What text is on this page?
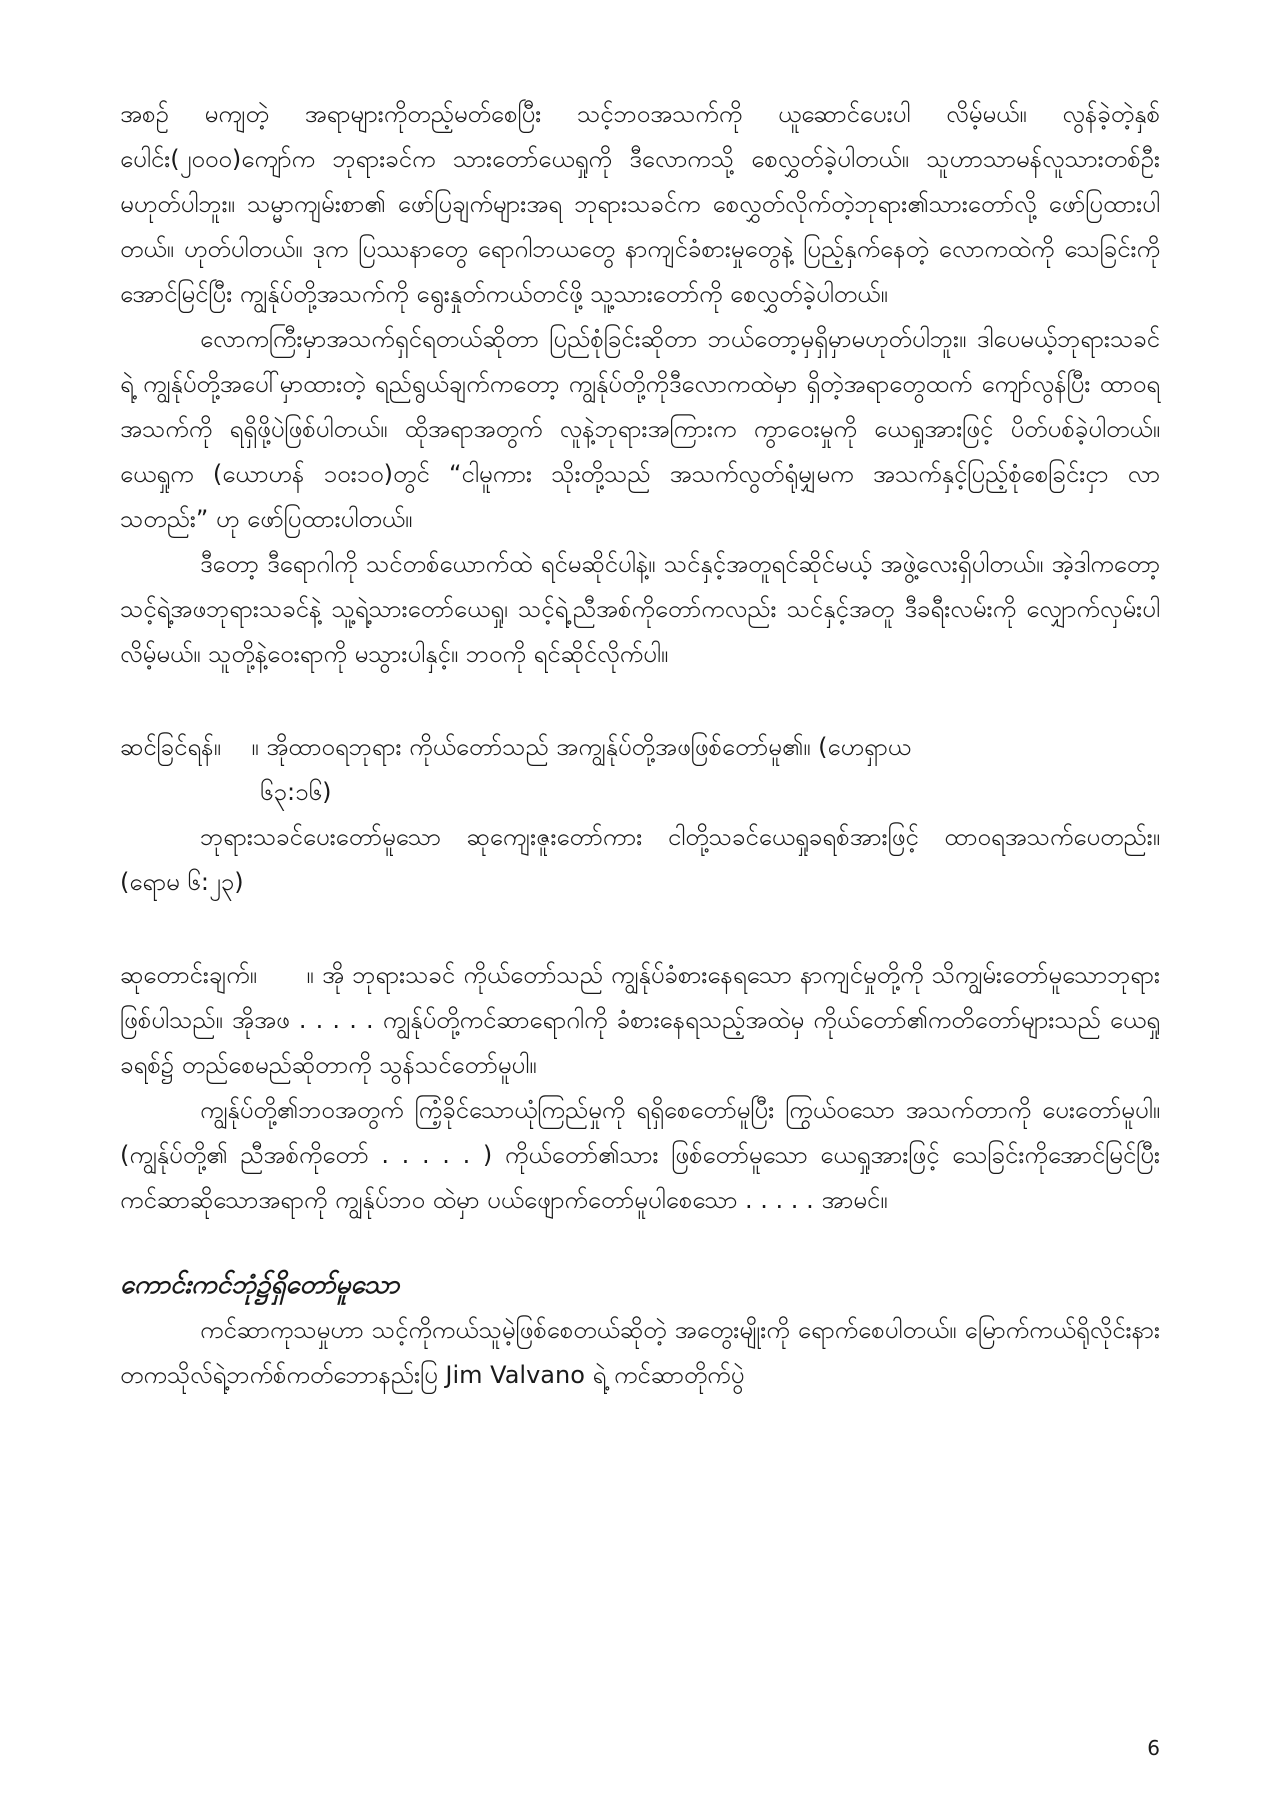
အစဉ် မကျတဲ့ အရာများကိုတည့်မတ်စေပြီး သင့်ဘဝအသက်ကို ယူဆောင်ပေးပါ လိမ့်မယ်။ လွန်ခဲ့တဲ့နှစ်ပေါင်း(၂၀၀၀)ကျော်က ဘုရားခင်က သားတော်ယေရှုကို ဒီလောကသို့ စေလွှတ်ခဲ့ပါတယ်။ သူဟာသာမန်လူသားတစ်ဦးမဟုတ်ပါဘူး။ သမ္မာကျမ်းစာ၏ ဖော်ပြချက်များအရ ဘုရားသခင်က စေလွှတ်လိုက်တဲ့ဘုရား၏သားတော်လို့ ဖော်ပြထားပါတယ်။ ဟုတ်ပါတယ်။ ဒုက ပြဿနာတွေ ရောဂါဘယတွေ နာကျင်ခံစားမှုတွေနဲ့ ပြည့်နှက်နေတဲ့ လောကထဲကို သေခြင်းကိုအောင်မြင်ပြီး ကျွန်ုပ်တို့အသက်ကို ရွေးနှုတ်ကယ်တင်ဖို့ သူ့သားတော်ကို စေလွှတ်ခဲ့ပါတယ်။

လောကကြီးမှာအသက်ရှင်ရတယ်ဆိုတာ ပြည်စုံခြင်းဆိုတာ ဘယ်တော့မှရှိမှာမဟုတ်ပါဘူး။ ဒါပေမယ့်ဘုရားသခင်ရဲ့ ကျွန်ုပ်တို့အပေါ်မှာထားတဲ့ ရည်ရွယ်ချက်ကတော့ ကျွန်ုပ်တို့ကိုဒီလောကထဲမှာ ရှိတဲ့အရာတွေထက် ကျော်လွန်ပြီး ထာဝရအသက်ကို ရရှိဖို့ပဲဖြစ်ပါတယ်။ ထိုအရာအတွက် လူနဲ့ဘုရားအကြားက ကွာဝေးမှုကို ယေရှုအားဖြင့် ပိတ်ပစ်ခဲ့ပါတယ်။ ယေရှုက (ယောဟန် ၁၀း၁၀)တွင် “ငါမူကား သိုးတို့သည် အသက်လွတ်ရုံမျှမက အသက်နှင့်ပြည့်စုံစေခြင်းငှာ လာသတည်း” ဟု ဖော်ပြထားပါတယ်။

ဒီတော့ ဒီရောဂါကို သင်တစ်ယောက်ထဲ ရင်မဆိုင်ပါနဲ့။ သင်နှင့်အတူရင်ဆိုင်မယ့် အဖွဲ့လေးရှိပါတယ်။ အဲ့ဒါကတော့ သင့်ရဲ့အဖဘုရားသခင်နဲ့ သူ့ရဲ့သားတော်ယေရှု၊ သင့်ရဲ့ညီအစ်ကိုတော်ကလည်း သင်နှင့်အတူ ဒီခရီးလမ်းကို လျှောက်လှမ်းပါလိမ့်မယ်။ သူတို့နဲ့ဝေးရာကို မသွားပါနှင့်။ ဘဝကို ရင်ဆိုင်လိုက်ပါ။

ဆင်ခြင်ရန်။ ။ အိုထာဝရဘုရား ကိုယ်တော်သည် အကျွန်ုပ်တို့အဖဖြစ်တော်မူ၏။ (ဟေရှာယ

၆၃:၁၆)

ဘုရားသခင်ပေးတော်မူသော ဆုကျေးဇူးတော်ကား ငါတို့သခင်ယေရှုခရစ်အားဖြင့် ထာဝရအသက်ပေတည်း။ (ရောမ ၆:၂၃)

ဆုတောင်းချက်။ ။ အို ဘုရားသခင် ကိုယ်တော်သည် ကျွန်ုပ်ခံစားနေရသော နာကျင်မှုတို့ကို သိကျွမ်းတော်မူသောဘုရားဖြစ်ပါသည်။ အိုအဖ . . . . . ကျွန်ုပ်တို့ကင်ဆာရောဂါကို ခံစားနေရသည့်အထဲမှ ကိုယ်တော်၏ကတိတော်များသည် ယေရှုခရစ်၌ တည်စေမည်ဆိုတာကို သွန်သင်တော်မူပါ။

ကျွန်ုပ်တို့၏ဘဝအတွက် ကြံ့ခိုင်သောယုံကြည်မှုကို ရရှိစေတော်မူပြီး ကြွယ်ဝသော အသက်တာကို ပေးတော်မူပါ။ (ကျွန်ုပ်တို့၏ ညီအစ်ကိုတော် . . . . . ) ကိုယ်တော်၏သား ဖြစ်တော်မူသော ယေရှုအားဖြင့် သေခြင်းကိုအောင်မြင်ပြီး ကင်ဆာဆိုသောအရာကို ကျွန်ုပ်ဘဝ ထဲမှာ ပယ်ဖျောက်တော်မူပါစေသော . . . . . အာမင်။

ကောင်းကင်ဘုံ၌ရှိတော်မူသော

ကင်ဆာကုသမှုဟာ သင့်ကိုကယ်သူမဲ့ဖြစ်စေတယ်ဆိုတဲ့ အတွေးမျိုးကို ရောက်စေပါတယ်။ မြောက်ကယ်ရိုလိုင်းနားတကသိုလ်ရဲ့ဘက်စ်ကတ်ဘောနည်းပြ Jim Valvano ရဲ့ ကင်ဆာတိုက်ပွဲ

6
